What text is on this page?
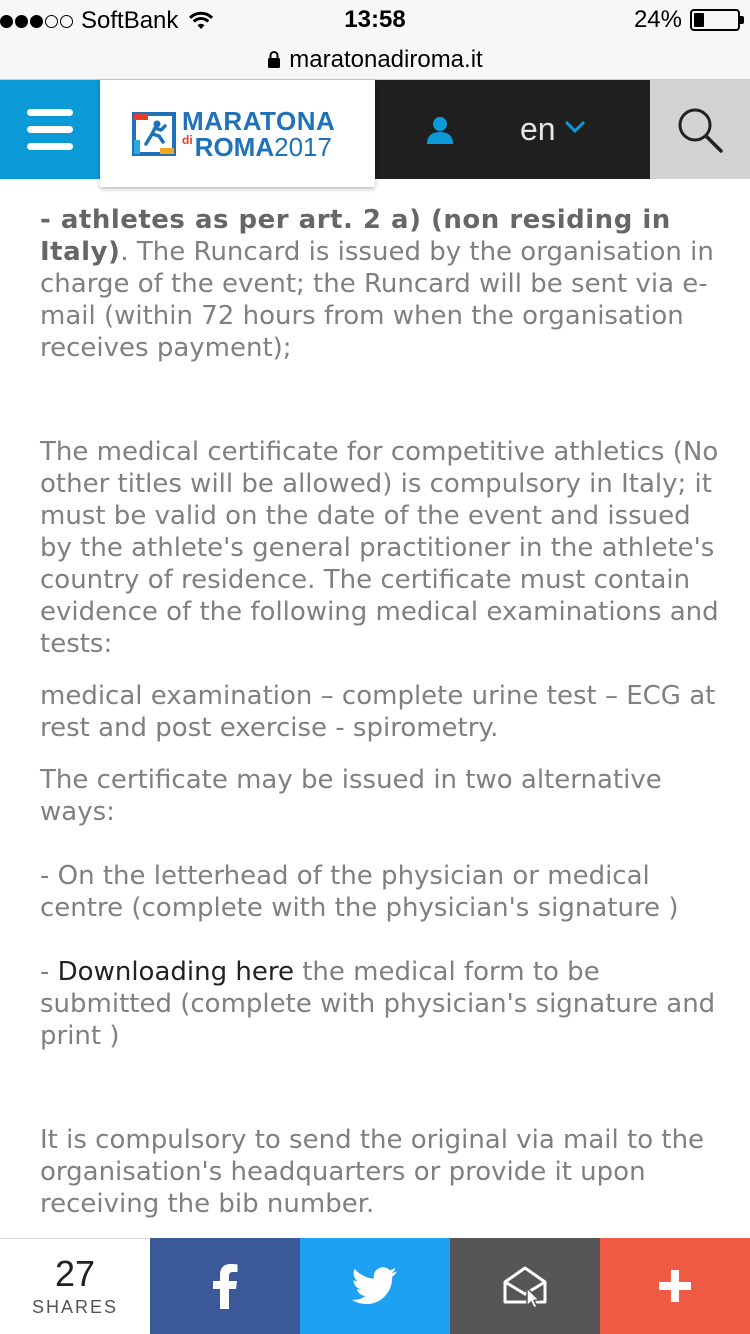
SoftBank	13:58	24%
maratonadiroma.it
MARATONA
di ROMA 2017	en

- athletes as per art. 2 a) (non residing in Italy). The Runcard is issued by the organisation in charge of the event; the Runcard will be sent via e-mail (within 72 hours from when the organisation receives payment);

The medical certificate for competitive athletics (No other titles will be allowed) is compulsory in Italy; it must be valid on the date of the event and issued by the athlete's general practitioner in the athlete's country of residence. The certificate must contain evidence of the following medical examinations and tests:

medical examination – complete urine test – ECG at rest and post exercise - spirometry.

The certificate may be issued in two alternative ways:

- On the letterhead of the physician or medical centre (complete with the physician's signature )

- Downloading here the medical form to be submitted (complete with physician's signature and print )

It is compulsory to send the original via mail to the organisation's headquarters or provide it upon receiving the bib number.

27
SHARES
